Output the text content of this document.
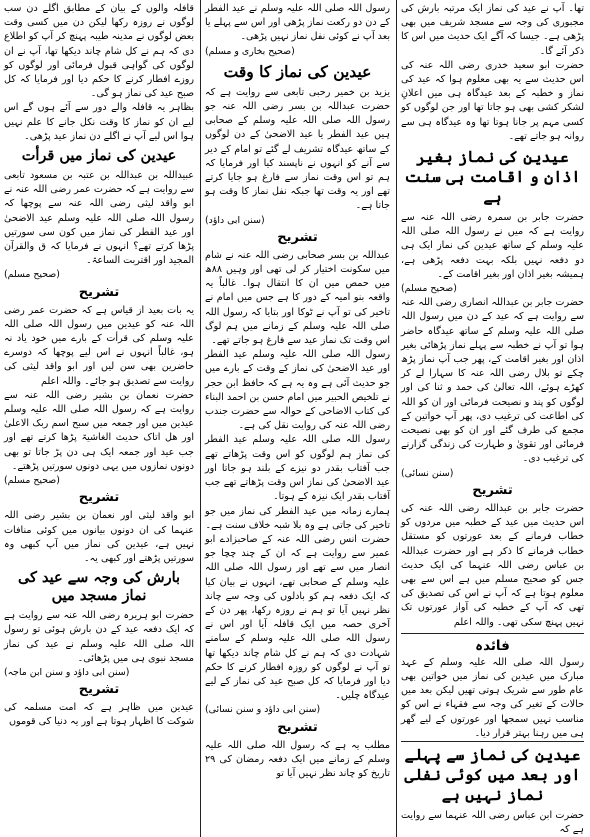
تھا۔ آپ نے عید کی نماز ایک مرتبہ بارش کی مجبوری کی وجہ سے مسجد شریف میں بھی پڑھی ہے۔ جیسا کہ آگے ایک حدیث میں اس کا ذکر آئے گا۔

حضرت ابو سعید خدری رضی اللہ عنہ کی اس حدیث سے یہ بھی معلوم ہوا کہ عید کی نماز و خطبہ کے بعد عیدگاہ ہی میں اعلانِ لشکر کشی بھی ہو جاتا تھا اور جن لوگوں کو کسی مہم پر جانا ہوتا تھا وہ عیدگاہ ہی سے روانہ ہو جاتے تھے۔

عیدین کی نماز بغیر اذان و اقامت ہی سنت ہے

حضرت جابر بن سمرہ رضی اللہ عنہ سے روایت ہے کہ میں نے رسول اللہ صلی اللہ علیہ وسلم کے ساتھ عیدین کی نماز ایک ہی دو دفعہ نہیں بلکہ بہت دفعہ پڑھی ہے، ہمیشہ بغیر اذان اور بغیر اقامت کے۔

(صحیح مسلم)

حضرت جابر بن عبداللہ انصاری رضی اللہ عنہ سے روایت ہے کہ عید کے دن میں رسول اللہ صلی اللہ علیہ وسلم کے ساتھ عیدگاہ حاضر ہوا تو آپ نے خطبہ سے پہلے نماز پڑھائی بغیر اذان اور بغیر اقامت کے، پھر جب آپ نماز پڑھ چکے تو بلال رضی اللہ عنہ کا سہارا لے کر کھڑے ہوئے، اللہ تعالیٰ کی حمد و ثنا کی اور لوگوں کو پند و نصیحت فرمائی اور ان کو اللہ کی اطاعت کی ترغیب دی، پھر آپ خواتین کے مجمع کی طرف گئے اور ان کو بھی نصیحت فرمائی اور تقویٰ و طہارت کی زندگی گزارنے کی ترغیب دی۔

(سنن نسائی)

تشریح

حضرت جابر بن عبداللہ رضی اللہ عنہ کی اس حدیث میں عید کے خطبہ میں مردوں کو خطاب فرمانے کے بعد عورتوں کو مستقل خطاب فرمانے کا ذکر ہے اور حضرت عبداللہ بن عباس رضی اللہ عنہما کی ایک حدیث جس کو صحیح مسلم میں ہے اس سے بھی معلوم ہوتا ہے کہ آپ نے اس کی تصدیق کی تھی کہ آپ کے خطبہ کی آواز عورتوں تک نہیں پہنچ سکی تھی۔ واللہ اعلم

فائدہ

رسول اللہ صلی اللہ علیہ وسلم کے عہد مبارک میں عیدین کی نماز میں خواتین بھی عام طور سے شریک ہوتی تھیں لیکن بعد میں حالات کے تغیر کی وجہ سے فقہاء نے اس کو مناسب نہیں سمجھا اور عورتوں کے لیے گھر ہی میں رہنا بہتر قرار دیا۔

عیدین کی نماز سے پہلے اور بعد میں کوئی نفلی نماز نہیں ہے

حضرت ابن عباس رضی اللہ عنہما سے روایت ہے کہ

رسول اللہ صلی اللہ علیہ وسلم نے عید الفطر کے دن دو رکعت نماز پڑھی اور اس سے پہلے یا بعد آپ نے کوئی نفل نماز نہیں پڑھی۔

(صحیح بخاری و مسلم)

عیدین کی نماز کا وقت

یزید بن خمیر رحبی تابعی سے روایت ہے کہ حضرت عبداللہ بن بسر رضی اللہ عنہ جو رسول اللہ صلی اللہ علیہ وسلم کے صحابی ہیں عید الفطر یا عید الاضحیٰ کے دن لوگوں کے ساتھ عیدگاہ تشریف لے گئے تو امام کے دیر سے آنے کو انہوں نے ناپسند کیا اور فرمایا کہ ہم تو اس وقت نماز سے فارغ ہو جایا کرتے تھے اور یہ وقت تھا جبکہ نفل نماز کا وقت ہو جاتا ہے۔

(سنن ابی داؤد)

تشریح

عبداللہ بن بسر صحابی رضی اللہ عنہ نے شام میں سکونت اختیار کر لی تھی اور وہیں ۸۸ھ میں حمص میں ان کا انتقال ہوا۔ غالباً یہ واقعہ بنو امیہ کے دور کا ہے جس میں امام نے تاخیر کی تو آپ نے ٹوکا اور بتایا کہ رسول اللہ صلی اللہ علیہ وسلم کے زمانے میں ہم لوگ اس وقت تک نماز عید سے فارغ ہو جاتے تھے۔

رسول اللہ صلی اللہ علیہ وسلم عید الفطر اور عید الاضحیٰ کی نماز کے وقت کے بارے میں جو حدیث آئی ہے وہ یہ ہے کہ حافظ ابن حجر نے تلخیص الحبیر میں امام حسن بن احمد البناء کی کتاب الاضاحی کے حوالہ سے حضرت جندب رضی اللہ عنہ کی روایت نقل کی ہے۔

رسول اللہ صلی اللہ علیہ وسلم عید الفطر کی نماز ہم لوگوں کو اس وقت پڑھاتے تھے جب آفتاب بقدر دو نیزے کے بلند ہو جاتا اور عید الاضحیٰ کی نماز اس وقت پڑھاتے تھے جب آفتاب بقدر ایک نیزہ کے ہوتا۔

ہمارے زمانہ میں عید الفطر کی نماز میں جو تاخیر کی جاتی ہے وہ بلا شبہ خلاف سنت ہے۔

حضرت انس رضی اللہ عنہ کے صاحبزادے ابو عمیر سے روایت ہے کہ ان کے چند چچا جو انصار میں سے تھے اور رسول اللہ صلی اللہ علیہ وسلم کے صحابی تھے، انہوں نے بیان کیا کہ ایک دفعہ ہم کو بادلوں کی وجہ سے چاند نظر نہیں آیا تو ہم نے روزہ رکھا، پھر دن کے آخری حصہ میں ایک قافلہ آیا اور اس نے رسول اللہ صلی اللہ علیہ وسلم کے سامنے شہادت دی کہ ہم نے کل شام چاند دیکھا تھا تو آپ نے لوگوں کو روزہ افطار کرنے کا حکم دیا اور فرمایا کہ کل صبح عید کی نماز کے لیے عیدگاہ چلیں۔

(سنن ابی داؤد و سنن نسائی)

تشریح

مطلب یہ ہے کہ رسول اللہ صلی اللہ علیہ وسلم کے زمانے میں ایک دفعہ رمضان کی ۲۹ تاریخ کو چاند نظر نہیں آیا تو

قافلہ والوں کے بیان کے مطابق اگلے دن سب لوگوں نے روزہ رکھا لیکن دن میں کسی وقت بعض لوگوں نے مدینہ طیبہ پہنچ کر آپ کو اطلاع دی کہ ہم نے کل شام چاند دیکھا تھا، آپ نے ان لوگوں کی گواہی قبول فرمائی اور لوگوں کو روزے افطار کرنے کا حکم دیا اور فرمایا کہ کل صبح عید کی نماز ہو گی۔

بظاہر یہ قافلہ والے دور سے آئے ہوں گے اس لیے ان کو نماز کا وقت نکل جانے کا علم نہیں ہوا اس لیے آپ نے اگلے دن نماز عید پڑھی۔

عیدین کی نماز میں قرأت

عبیداللہ بن عبداللہ بن عتبہ بن مسعود تابعی سے روایت ہے کہ حضرت عمر رضی اللہ عنہ نے ابو واقد لیثی رضی اللہ عنہ سے پوچھا کہ رسول اللہ صلی اللہ علیہ وسلم عید الاضحیٰ اور عید الفطر کی نماز میں کون سی سورتیں پڑھا کرتے تھے؟ انہوں نے فرمایا کہ ق والقرآن المجید اور اقتربت الساعۃ۔

(صحیح مسلم)

تشریح

یہ بات بعید از قیاس ہے کہ حضرت عمر رضی اللہ عنہ کو عیدین میں رسول اللہ صلی اللہ علیہ وسلم کی قرأت کے بارے میں خود یاد نہ ہو، غالباً انہوں نے اس لیے پوچھا کہ دوسرے حاضرین بھی سن لیں اور ابو واقد لیثی کی روایت سے تصدیق ہو جائے۔ واللہ اعلم

حضرت نعمان بن بشیر رضی اللہ عنہ سے روایت ہے کہ رسول اللہ صلی اللہ علیہ وسلم عیدین میں اور جمعہ میں سبح اسم ربک الاعلیٰ اور ھل اتاک حدیث الغاشیۃ پڑھا کرتے تھے اور جب عید اور جمعہ ایک ہی دن پڑ جاتا تو بھی دونوں نمازوں میں یہی دونوں سورتیں پڑھتے۔

(صحیح مسلم)

تشریح

ابو واقد لیثی اور نعمان بن بشیر رضی اللہ عنہما کی ان دونوں بیانوں میں کوئی منافات نہیں ہے، عیدین کی نماز میں آپ کبھی وہ سورتیں پڑھتے اور کبھی یہ۔

بارش کی وجہ سے عید کی نماز مسجد میں

حضرت ابو ہریرہ رضی اللہ عنہ سے روایت ہے کہ ایک دفعہ عید کے دن بارش ہوئی تو رسول اللہ صلی اللہ علیہ وسلم نے عید کی نماز مسجد نبوی ہی میں پڑھائی۔

(سنن ابی داؤد و سنن ابن ماجہ)

تشریح

عیدین میں ظاہر ہے کہ امت مسلمہ کی شوکت کا اظہار ہوتا ہے اور یہ دنیا کی قوموں
